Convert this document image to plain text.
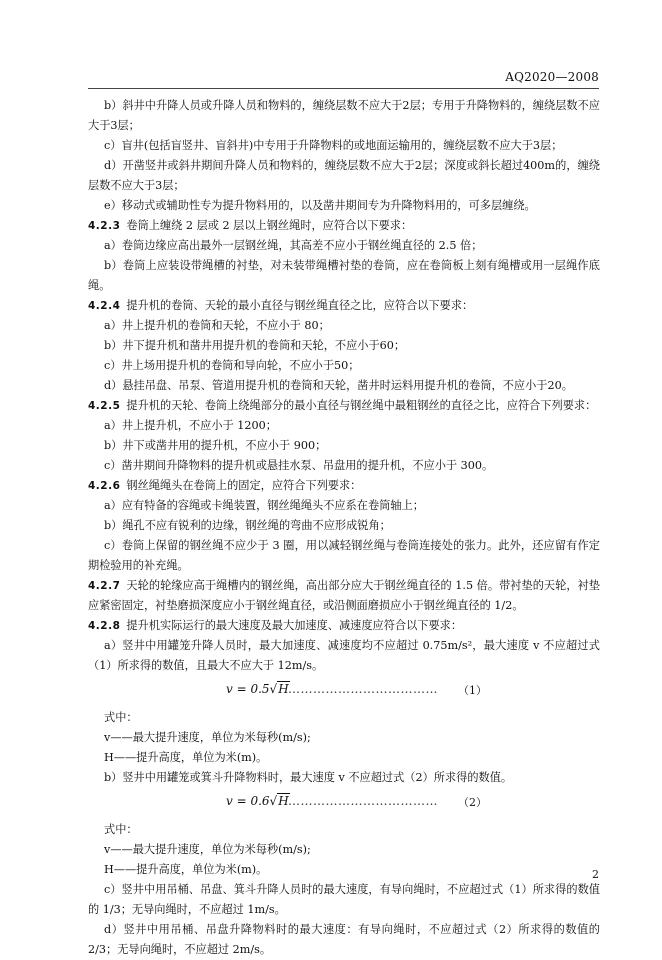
AQ2020—2008

b）斜井中升降人员或升降人员和物料的，缠绕层数不应大于2层；专用于升降物料的，缠绕层数不应大于3层；

c）盲井(包括盲竖井、盲斜井)中专用于升降物料的或地面运输用的，缠绕层数不应大于3层；

d）开凿竖井或斜井期间升降人员和物料的，缠绕层数不应大于2层；深度或斜长超过400m的，缠绕层数不应大于3层；

e）移动式或辅助性专为提升物料用的，以及凿井期间专为升降物料用的，可多层缠绕。

4.2.3 卷筒上缠绕 2 层或 2 层以上钢丝绳时，应符合以下要求：

a）卷筒边缘应高出最外一层钢丝绳，其高差不应小于钢丝绳直径的 2.5 倍；

b）卷筒上应装设带绳槽的衬垫，对未装带绳槽衬垫的卷筒，应在卷筒板上刻有绳槽或用一层绳作底绳。

4.2.4 提升机的卷筒、天轮的最小直径与钢丝绳直径之比，应符合以下要求：

a）井上提升机的卷筒和天轮，不应小于 80；

b）井下提升机和凿井用提升机的卷筒和天轮，不应小于60；

c）井上场用提升机的卷筒和导向轮，不应小于50；

d）悬挂吊盘、吊泵、管道用提升机的卷筒和天轮，凿井时运料用提升机的卷筒，不应小于20。

4.2.5 提升机的天轮、卷筒上绕绳部分的最小直径与钢丝绳中最粗钢丝的直径之比，应符合下列要求：

a）井上提升机，不应小于 1200；

b）井下或凿井用的提升机，不应小于 900；

c）凿井期间升降物料的提升机或悬挂水泵、吊盘用的提升机，不应小于 300。

4.2.6 钢丝绳绳头在卷筒上的固定，应符合下列要求：

a）应有特备的容绳或卡绳装置，钢丝绳绳头不应系在卷筒轴上；

b）绳孔不应有锐利的边缘，钢丝绳的弯曲不应形成锐角；

c）卷筒上保留的钢丝绳不应少于 3 圈，用以减轻钢丝绳与卷筒连接处的张力。此外，还应留有作定期检验用的补充绳。

4.2.7 天轮的轮缘应高于绳槽内的钢丝绳，高出部分应大于钢丝绳直径的 1.5 倍。带衬垫的天轮，衬垫应紧密固定，衬垫磨损深度应小于钢丝绳直径，或沿侧面磨损应小于钢丝绳直径的 1/2。

4.2.8 提升机实际运行的最大速度及最大加速度、减速度应符合以下要求：

a）竖井中用罐笼升降人员时，最大加速度、减速度均不应超过 0.75m/s²，最大速度 v 不应超过式（1）所求得的数值，且最大不应大于 12m/s。

v = 0.5√H ……………………………… （1）

式中：

v——最大提升速度，单位为米每秒(m/s);

H——提升高度，单位为米(m)。

b）竖井中用罐笼或箕斗升降物料时，最大速度 v 不应超过式（2）所求得的数值。

v = 0.6√H ……………………………… （2）

式中：

v——最大提升速度，单位为米每秒(m/s);

H——提升高度，单位为米(m)。

c）竖井中用吊桶、吊盘、箕斗升降人员时的最大速度，有导向绳时，不应超过式（1）所求得的数值的 1/3；无导向绳时，不应超过 1m/s。

d）竖井中用吊桶、吊盘升降物料时的最大速度：有导向绳时，不应超过式（2）所求得的数值的 2/3；无导向绳时，不应超过 2m/s。

2
